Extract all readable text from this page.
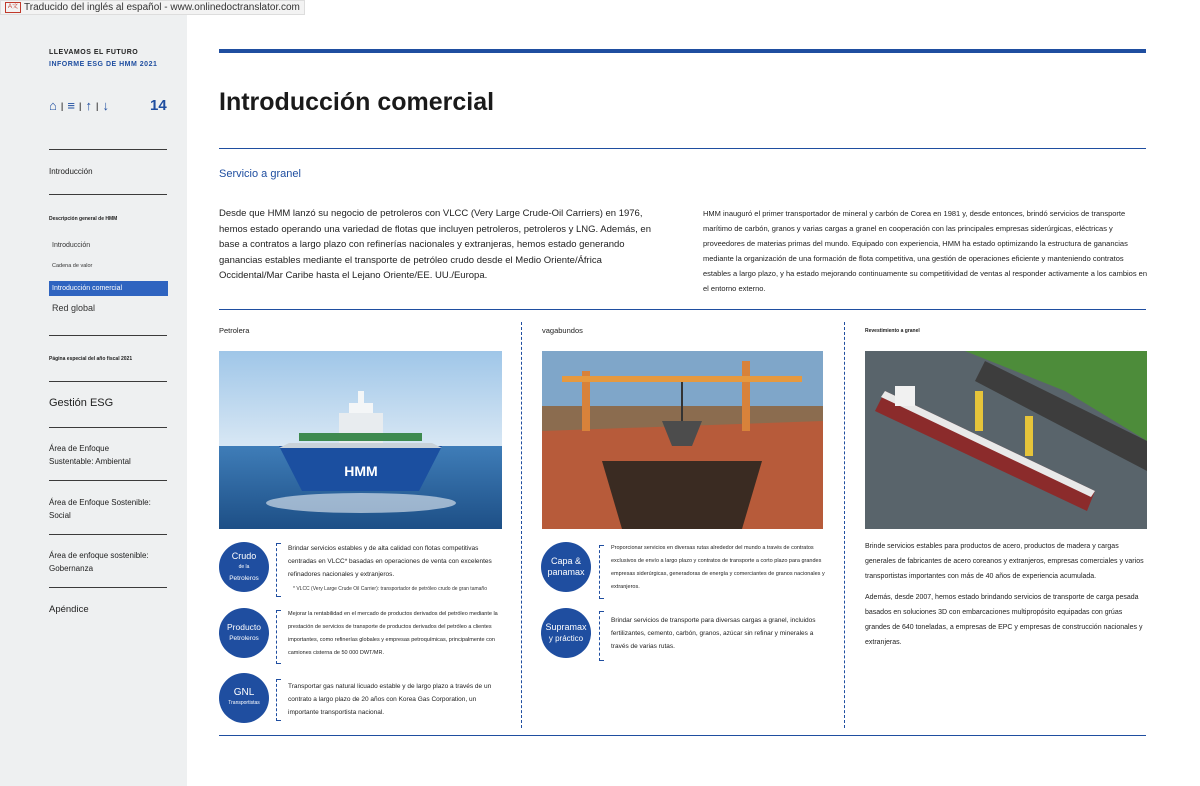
A文 Traducido del inglés al español - www.onlinedoctranslator.com
LLEVAMOS EL FUTURO
INFORME ESG DE HMM 2021
⌂ | ≡ | ↑ | ↓	14
Introducción
Descripción general de HMM
Introducción
Cadena de valor
Introducción comercial
Red global
Página especial del año fiscal 2021
Gestión ESG
Área de Enfoque Sustentable: Ambiental
Área de Enfoque Sostenible: Social
Área de enfoque sostenible: Gobernanza
Apéndice
Introducción comercial
Servicio a granel
Desde que HMM lanzó su negocio de petroleros con VLCC (Very Large Crude-Oil Carriers) en 1976, hemos estado operando una variedad de flotas que incluyen petroleros, petroleros y LNG. Además, en base a contratos a largo plazo con refinerías nacionales y extranjeras, hemos estado generando ganancias estables mediante el transporte de petróleo crudo desde el Medio Oriente/África Occidental/Mar Caribe hasta el Lejano Oriente/EE. UU./Europa.
HMM inauguró el primer transportador de mineral y carbón de Corea en 1981 y, desde entonces, brindó servicios de transporte marítimo de carbón, granos y varias cargas a granel en cooperación con las principales empresas siderúrgicas, eléctricas y proveedores de materias primas del mundo. Equipado con experiencia, HMM ha estado optimizando la estructura de ganancias mediante la organización de una formación de flota competitiva, una gestión de operaciones eficiente y manteniendo contratos estables a largo plazo, y ha estado mejorando continuamente su competitividad de ventas al responder activamente a los cambios en el entorno externo.
Petrolera	vagabundos	Revestimiento a granel
HMM
Crudo
de la
Petroleros
Brindar servicios estables y de alta calidad con flotas competitivas centradas en VLCC* basadas en operaciones de venta con excelentes refinadores nacionales y extranjeros.
* VLCC (Very Large Crude Oil Carrier): transportador de petróleo crudo de gran tamaño
Producto
Petroleros
Mejorar la rentabilidad en el mercado de productos derivados del petróleo mediante la prestación de servicios de transporte de productos derivados del petróleo a clientes importantes, como refinerías globales y empresas petroquímicas, principalmente con camiones cisterna de 50 000 DWT/MR.
GNL
Transportistas
Transportar gas natural licuado estable y de largo plazo a través de un contrato a largo plazo de 20 años con Korea Gas Corporation, un importante transportista nacional.
Capa &
panamax
Proporcionar servicios en diversas rutas alrededor del mundo a través de contratos exclusivos de envío a largo plazo y contratos de transporte a corto plazo para grandes empresas siderúrgicas, generadoras de energía y comerciantes de granos nacionales y extranjeros.
Supramax
y práctico
Brindar servicios de transporte para diversas cargas a granel, incluidos fertilizantes, cemento, carbón, granos, azúcar sin refinar y minerales a través de varias rutas.
Brinde servicios estables para productos de acero, productos de madera y cargas generales de fabricantes de acero coreanos y extranjeros, empresas comerciales y varios transportistas importantes con más de 40 años de experiencia acumulada.
Además, desde 2007, hemos estado brindando servicios de transporte de carga pesada basados en soluciones 3D con embarcaciones multipropósito equipadas con grúas grandes de 640 toneladas, a empresas de EPC y empresas de construcción nacionales y extranjeras.
